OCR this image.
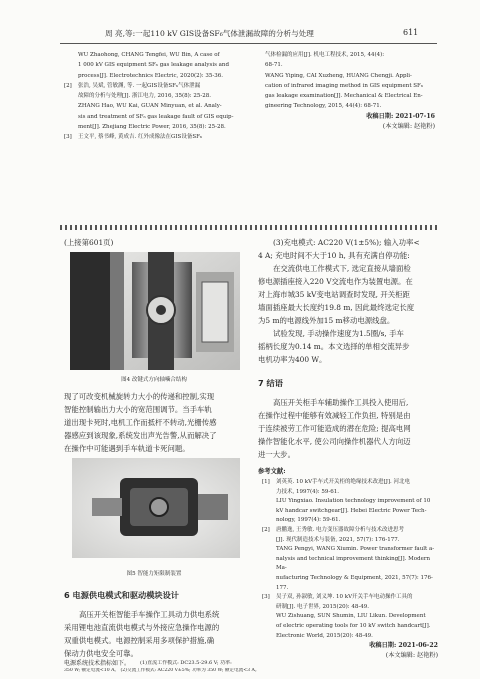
周 亮,等:一起110 kV GIS设备SF₆气体泄漏故障的分析与处理	611
WU Zhaohong, CHANG Tengfei, WU Bin, A case of
1 000 kV GIS equipment SF₆ gas leakage analysis and
process[J]. Electrotechnics Electric, 2020(2): 35-36.
[2] 张浩, 吴斌, 管敏渊, 等. 一起GIS设备SF₆气体泄漏
故障的分析与处理[J]. 浙江电力, 2016, 35(8): 25-28.
ZHANG Hao, WU Kai, GUAN Minyuan, et al. Analy-
sis and treatment of SF₆ gas leakage fault of GIS equip-
ment[J]. Zhejiang Electric Power, 2016, 35(8): 25-28.
[3] 王文平, 蔡书峰, 黄成吉. 红外成像法在GIS设备SF₆
气体检漏的应用[J]. 机电工程技术, 2015, 44(4):
68-71.
WANG Yiping, CAI Xuzheng, HUANG Chengji. Appli-
cation of infrared imaging method in GIS equipment SF₆
gas leakage examination[J]. Mechanical & Electrical En-
gineering Technology, 2015, 44(4): 68-71.
收稿日期: 2021-07-16
(本文编辑: 赵艳粉)
(上接第601页)
图4 改键式方向轴噛合结构
现了可改变机械旋转力大小的传递和控制,实现
智能控制输出力大小的宽范围调节。当手车轨
道出现卡死时,电机工作而抵杆不转动,光栅传感
器感应到该现象,系统发出声光告警,从而解决了
在操作中可能遇到手车轨道卡死问题。
图5 智能力矩限制装置
6 电源供电模式和驱动模块设计
高压开关柜智能手车操作工具动力供电系统
采用锂电池直流供电模式与外接应急操作电源的
双重供电模式。电源控制采用多项保护措施,确
保动力供电安全可靠。
电源系统技术指标如下。
(3)充电模式: AC220 V(1±5%); 输入功率<
4 A; 充电时间不大于10 h, 具有充满自停功能:
在交流供电工作模式下, 选定直接从墙面检
修电源插座接入220 V交流电作为装置电源。在
对上海市城35 kV变电站调查时发现, 开关柜距
墙面插座最大长度约19.8 m, 因此最终选定长度
为5 m的电源线外加15 m移动电源线盘。
试验发现, 手动操作速度为1.5圈/s, 手车
摇柄长度为0.14 m。本文选择的单相交流异步
电机功率为400 W。
7 结语
高压开关柜手车辅助操作工具投入使用后,
在操作过程中能够有效减轻工作负担, 特别是由
于连续被劳工作可能造成的潜在危险; 提高电网
操作智能化水平, 使公司向操作机器代人方向迈
进一大步。
参考文献:
[1] 刘英英. 10 kV手车式开关柜的绝缘技术改进[J]. 河北电
力技术, 1997(4): 59-61.
LIU Yingxiao. Insulation technology improvement of 10
kV handcar switchgear[J]. Hebei Electric Power Tech-
nology, 1997(4): 59-61.
[2] 唐鹏逸, 王秀敏. 电力变压器故障分析与技术改进思考
[J]. 现代制造技术与装备, 2021, 57(7): 176-177.
TANG Pengyi, WANG Xiumin. Power transformer fault a-
nalysis and technical improvement thinking[J]. Modern Ma-
nufacturing Technology & Equipment, 2021, 57(7): 176-177.
[3] 吴子双, 孙淑敏, 刘义坤. 10 kV开关手车电动操作工具的
研制[J]. 电子世界, 2015(20): 48-49.
WU Zishuang, SUN Shumin, LIU Likun. Development
of electric operating tools for 10 kV switch handcart[J].
Electronic World, 2015(20): 48-49.
收稿日期: 2021-06-22
(本文编辑: 赵艳粉)
(1)直流工作模式: DC23.5-29.6 V; 功率:
350 W; 额定电流<10 A。 (2)交流工作模式: AC220 V±5%; 功率为 350 W; 额定电流<3 A。
